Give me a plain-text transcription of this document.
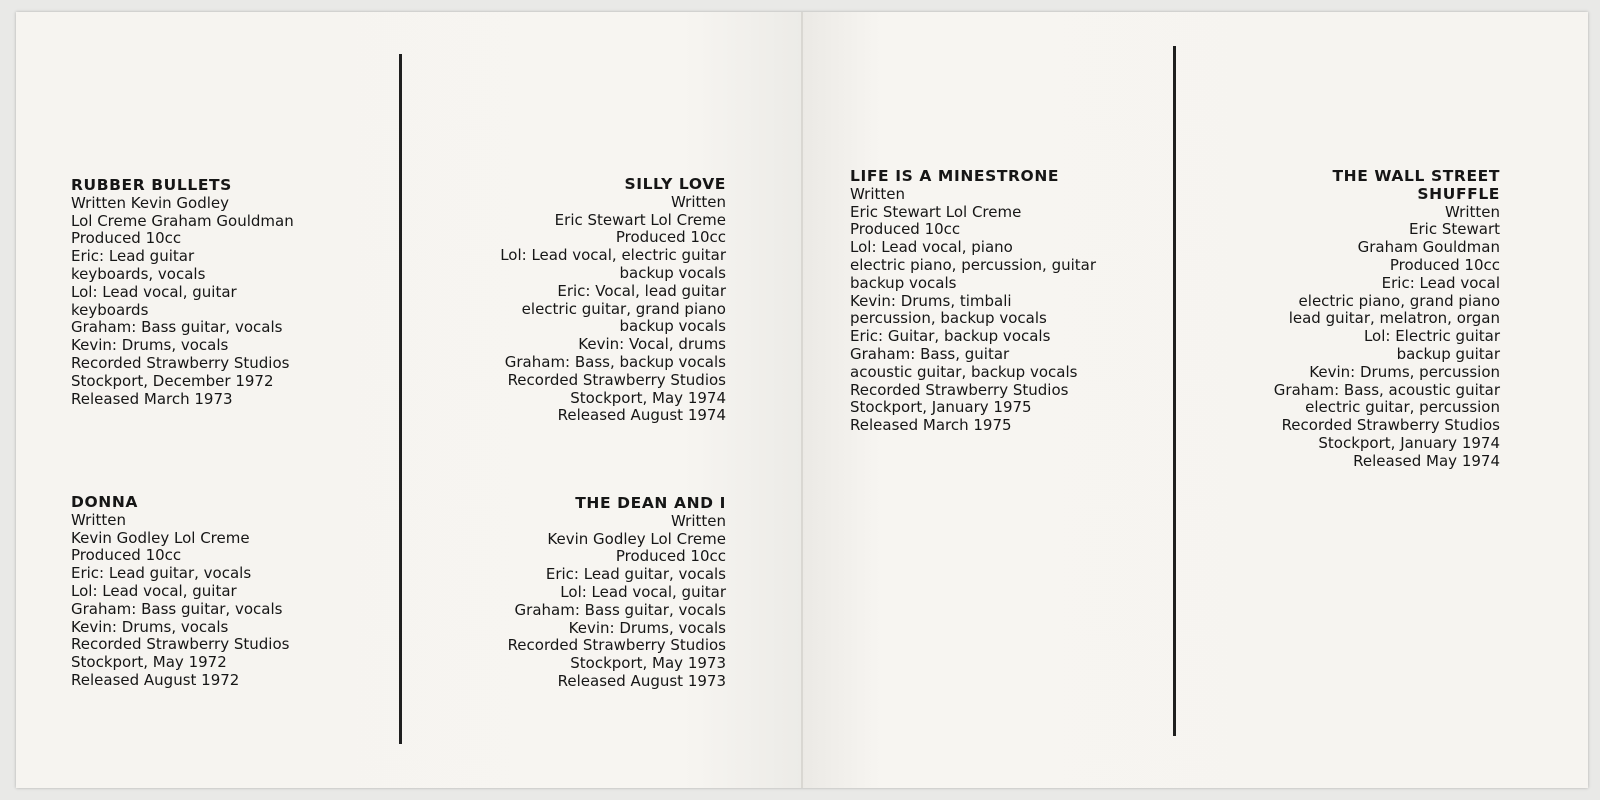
RUBBER BULLETS
Written Kevin Godley
Lol Creme Graham Gouldman
Produced 10cc
Eric: Lead guitar
keyboards, vocals
Lol: Lead vocal, guitar
keyboards
Graham: Bass guitar, vocals
Kevin: Drums, vocals
Recorded Strawberry Studios
Stockport, December 1972
Released March 1973
DONNA
Written
Kevin Godley Lol Creme
Produced 10cc
Eric: Lead guitar, vocals
Lol: Lead vocal, guitar
Graham: Bass guitar, vocals
Kevin: Drums, vocals
Recorded Strawberry Studios
Stockport, May 1972
Released August 1972
SILLY LOVE
Written
Eric Stewart Lol Creme
Produced 10cc
Lol: Lead vocal, electric guitar
backup vocals
Eric: Vocal, lead guitar
electric guitar, grand piano
backup vocals
Kevin: Vocal, drums
Graham: Bass, backup vocals
Recorded Strawberry Studios
Stockport, May 1974
Released August 1974
THE DEAN AND I
Written
Kevin Godley Lol Creme
Produced 10cc
Eric: Lead guitar, vocals
Lol: Lead vocal, guitar
Graham: Bass guitar, vocals
Kevin: Drums, vocals
Recorded Strawberry Studios
Stockport, May 1973
Released August 1973
LIFE IS A MINESTRONE
Written
Eric Stewart Lol Creme
Produced 10cc
Lol: Lead vocal, piano
electric piano, percussion, guitar
backup vocals
Kevin: Drums, timbali
percussion, backup vocals
Eric: Guitar, backup vocals
Graham: Bass, guitar
acoustic guitar, backup vocals
Recorded Strawberry Studios
Stockport, January 1975
Released March 1975
THE WALL STREET
SHUFFLE
Written
Eric Stewart
Graham Gouldman
Produced 10cc
Eric: Lead vocal
electric piano, grand piano
lead guitar, melatron, organ
Lol: Electric guitar
backup guitar
Kevin: Drums, percussion
Graham: Bass, acoustic guitar
electric guitar, percussion
Recorded Strawberry Studios
Stockport, January 1974
Released May 1974
